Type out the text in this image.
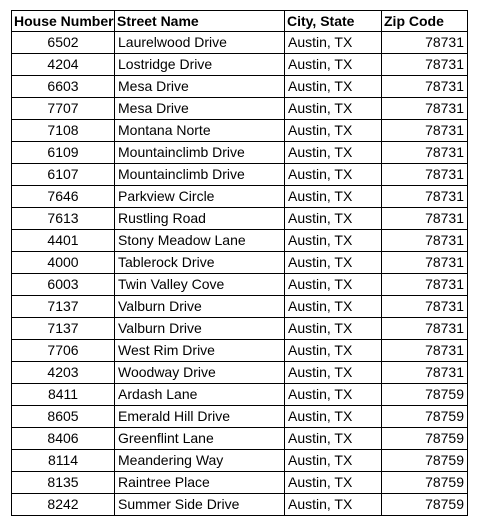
House Number	Street Name	City, State	Zip Code
6502	Laurelwood Drive	Austin, TX	78731
4204	Lostridge Drive	Austin, TX	78731
6603	Mesa Drive	Austin, TX	78731
7707	Mesa Drive	Austin, TX	78731
7108	Montana Norte	Austin, TX	78731
6109	Mountainclimb Drive	Austin, TX	78731
6107	Mountainclimb Drive	Austin, TX	78731
7646	Parkview Circle	Austin, TX	78731
7613	Rustling Road	Austin, TX	78731
4401	Stony Meadow Lane	Austin, TX	78731
4000	Tablerock Drive	Austin, TX	78731
6003	Twin Valley Cove	Austin, TX	78731
7137	Valburn Drive	Austin, TX	78731
7137	Valburn Drive	Austin, TX	78731
7706	West Rim Drive	Austin, TX	78731
4203	Woodway Drive	Austin, TX	78731
8411	Ardash Lane	Austin, TX	78759
8605	Emerald Hill Drive	Austin, TX	78759
8406	Greenflint Lane	Austin, TX	78759
8114	Meandering Way	Austin, TX	78759
8135	Raintree Place	Austin, TX	78759
8242	Summer Side Drive	Austin, TX	78759
